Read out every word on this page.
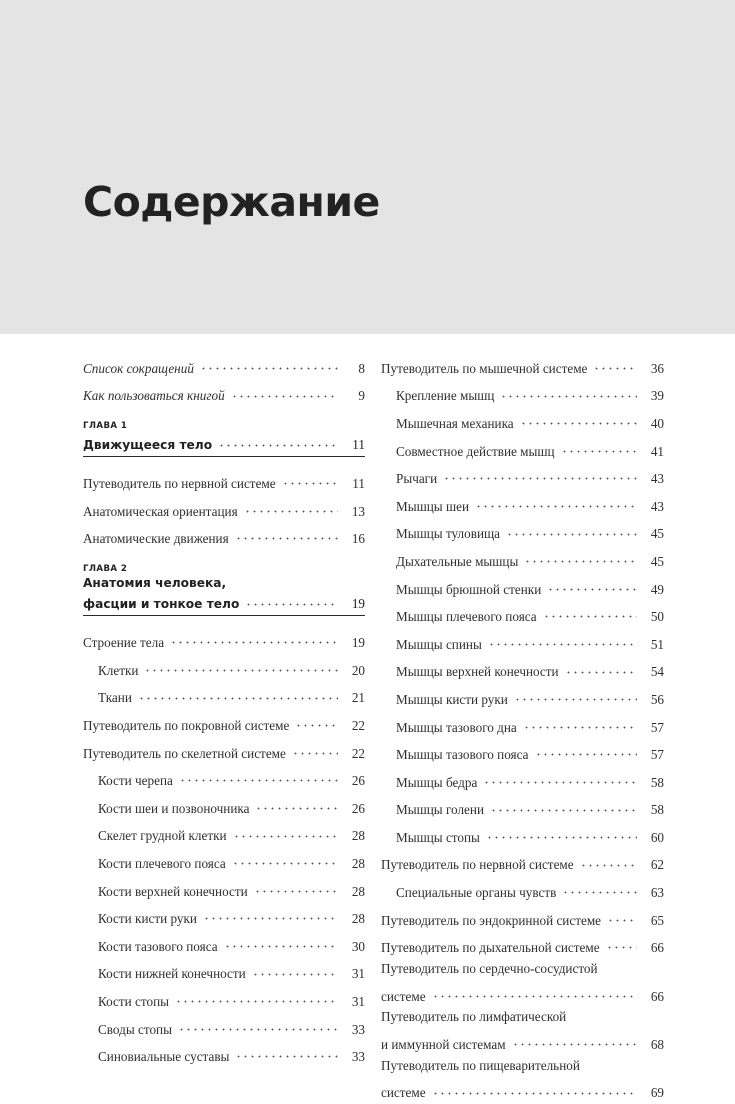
Содержание
Список сокращений	8
Как пользоваться книгой	9
ГЛАВА 1
Движущееся тело	11
Путеводитель по нервной системе	11
Анатомическая ориентация	13
Анатомические движения	16
ГЛАВА 2
Анатомия человека,
фасции и тонкое тело	19
Строение тела	19
Клетки	20
Ткани	21
Путеводитель по покровной системе	22
Путеводитель по скелетной системе	22
Кости черепа	26
Кости шеи и позвоночника	26
Скелет грудной клетки	28
Кости плечевого пояса	28
Кости верхней конечности	28
Кости кисти руки	28
Кости тазового пояса	30
Кости нижней конечности	31
Кости стопы	31
Своды стопы	33
Синовиальные суставы	33
Путеводитель по мышечной системе	36
Крепление мышц	39
Мышечная механика	40
Совместное действие мышц	41
Рычаги	43
Мышцы шеи	43
Мышцы туловища	45
Дыхательные мышцы	45
Мышцы брюшной стенки	49
Мышцы плечевого пояса	50
Мышцы спины	51
Мышцы верхней конечности	54
Мышцы кисти руки	56
Мышцы тазового дна	57
Мышцы тазового пояса	57
Мышцы бедра	58
Мышцы голени	58
Мышцы стопы	60
Путеводитель по нервной системе	62
Специальные органы чувств	63
Путеводитель по эндокринной системе	65
Путеводитель по дыхательной системе	66
Путеводитель по сердечно-сосудистой
системе	66
Путеводитель по лимфатической
и иммунной системам	68
Путеводитель по пищеварительной
системе	69
